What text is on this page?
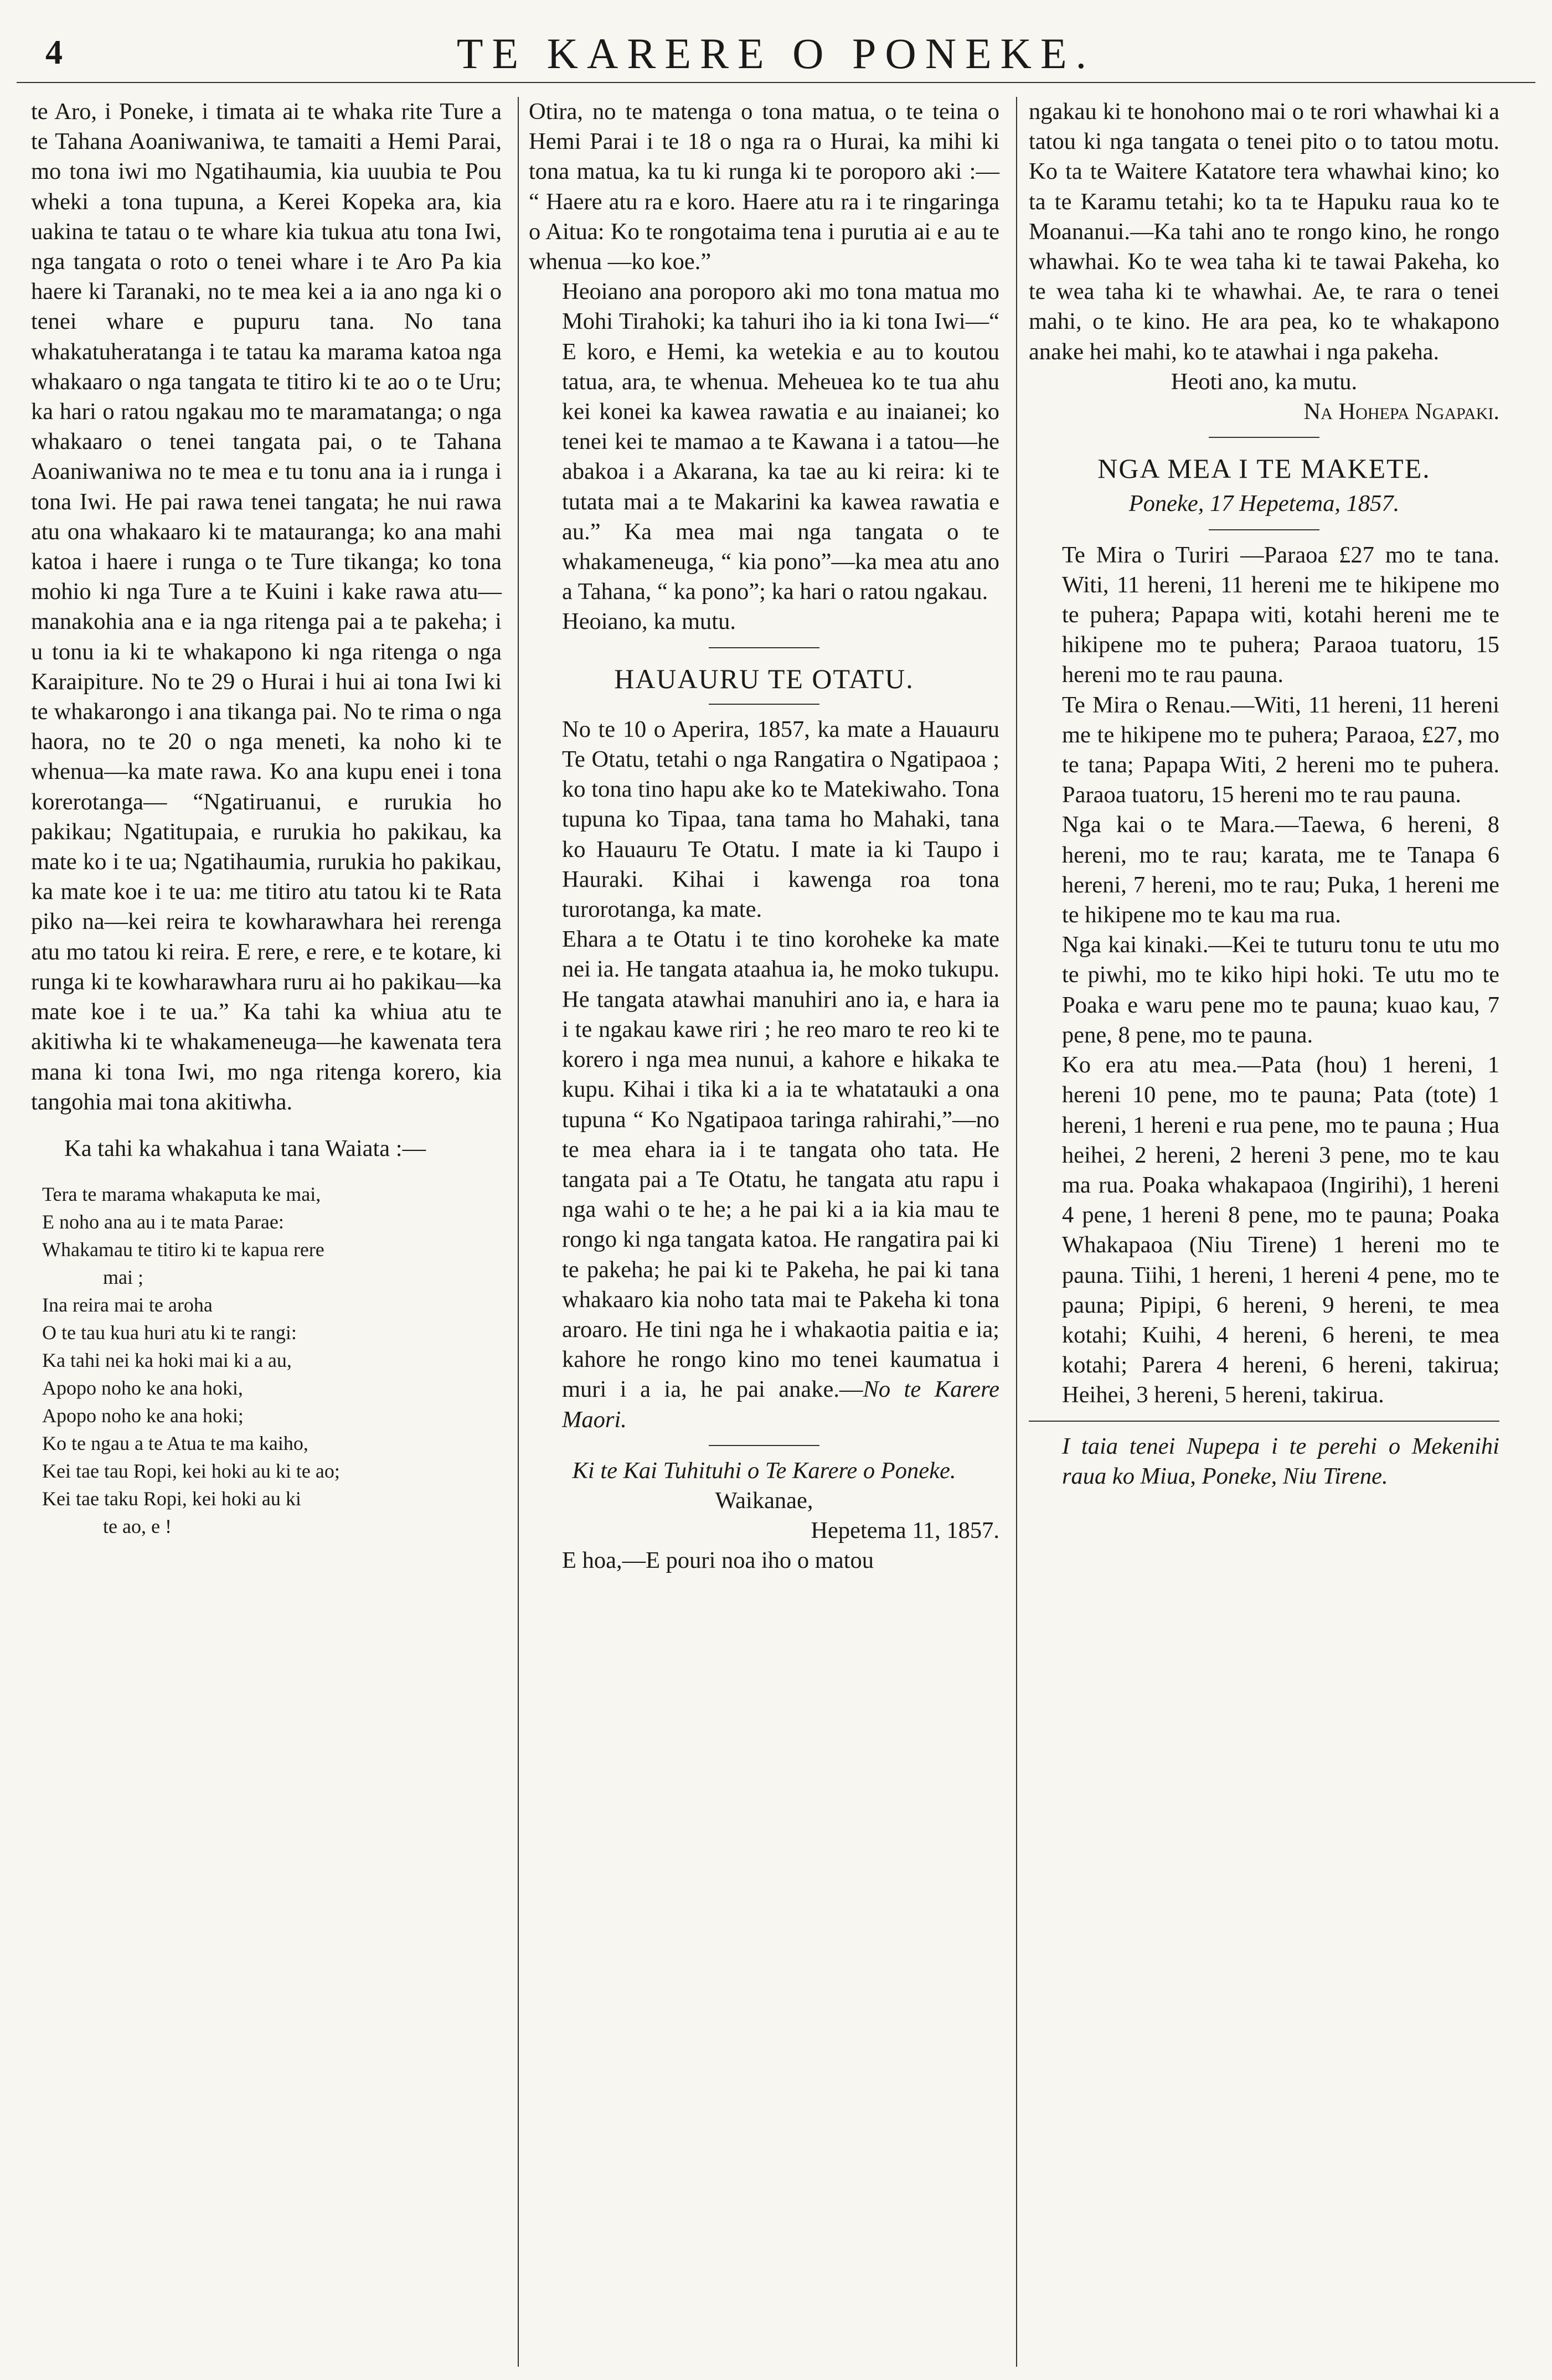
4	TE KARERE O PONEKE.

te Aro, i Poneke, i timata ai te whaka rite Ture a te Tahana Aoaniwaniwa, te tamaiti a Hemi Parai, mo tona iwi mo Ngatihaumia, kia uuubia te Pou wheki a tona tupuna, a Kerei Kopeka ara, kia uakina te tatau o te whare kia tukua atu tona Iwi, nga tangata o roto o tenei whare i te Aro Pa kia haere ki Taranaki, no te mea kei a ia ano nga ki o tenei whare e pupuru tana. No tana whakatuheratanga i te tatau ka marama katoa nga whakaaro o nga tangata te titiro ki te ao o te Uru; ka hari o ratou ngakau mo te maramatanga; o nga whakaaro o tenei tangata pai, o te Tahana Aoaniwaniwa no te mea e tu tonu ana ia i runga i tona Iwi. He pai rawa tenei tangata; he nui rawa atu ona whakaaro ki te matauranga; ko ana mahi katoa i haere i runga o te Ture tikanga; ko tona mohio ki nga Ture a te Kuini i kake rawa atu—manakohia ana e ia nga ritenga pai a te pakeha; i u tonu ia ki te whakapono ki nga ritenga o nga Karaipiture. No te 29 o Hurai i hui ai tona Iwi ki te whakarongo i ana tikanga pai. No te rima o nga haora, no te 20 o nga meneti, ka noho ki te whenua—ka mate rawa. Ko ana kupu enei i tona korerotanga— “Ngatiruanui, e rurukia ho pakikau; Ngatitupaia, e rurukia ho pakikau, ka mate ko i te ua; Ngatihaumia, rurukia ho pakikau, ka mate koe i te ua: me titiro atu tatou ki te Rata piko na—kei reira te kowharawhara hei rerenga atu mo tatou ki reira. E rere, e rere, e te kotare, ki runga ki te kowharawhara ruru ai ho pakikau—ka mate koe i te ua.” Ka tahi ka whiua atu te akitiwha ki te whakameneuga—he kawenata tera mana ki tona Iwi, mo nga ritenga korero, kia tangohia mai tona akitiwha.

Ka tahi ka whakahua i tana Waiata :—

Tera te marama whakaputa ke mai,
E noho ana au i te mata Parae:
Whakamau te titiro ki te kapua rere
mai ;
Ina reira mai te aroha
O te tau kua huri atu ki te rangi:
Ka tahi nei ka hoki mai ki a au,
Apopo noho ke ana hoki,
Apopo noho ke ana hoki;
Ko te ngau a te Atua te ma kaiho,
Kei tae tau Ropi, kei hoki au ki te ao;
Kei tae taku Ropi, kei hoki au ki
te ao, e !

Otira, no te matenga o tona matua, o te teina o Hemi Parai i te 18 o nga ra o Hurai, ka mihi ki tona matua, ka tu ki runga ki te poroporo aki :— “ Haere atu ra e koro. Haere atu ra i te ringaringa o Aitua: Ko te rongotaima tena i purutia ai e au te whenua —ko koe.”

Heoiano ana poroporo aki mo tona matua mo Mohi Tirahoki; ka tahuri iho ia ki tona Iwi—“ E koro, e Hemi, ka wetekia e au to koutou tatua, ara, te whenua. Meheuea ko te tua ahu kei konei ka kawea rawatia e au inaianei; ko tenei kei te mamao a te Kawana i a tatou—he abakoa i a Akarana, ka tae au ki reira: ki te tutata mai a te Makarini ka kawea rawatia e au.” Ka mea mai nga tangata o te whakameneuga, “ kia pono”—ka mea atu ano a Tahana, “ ka pono”; ka hari o ratou ngakau.

Heoiano, ka mutu.

HAUAURU TE OTATU.

No te 10 o Aperira, 1857, ka mate a Hauauru Te Otatu, tetahi o nga Rangatira o Ngatipaoa ; ko tona tino hapu ake ko te Matekiwaho. Tona tupuna ko Tipaa, tana tama ho Mahaki, tana ko Hauauru Te Otatu. I mate ia ki Taupo i Hauraki. Kihai i kawenga roa tona turorotanga, ka mate.

Ehara a te Otatu i te tino koroheke ka mate nei ia. He tangata ataahua ia, he moko tukupu. He tangata atawhai manuhiri ano ia, e hara ia i te ngakau kawe riri ; he reo maro te reo ki te korero i nga mea nunui, a kahore e hikaka te kupu. Kihai i tika ki a ia te whatatauki a ona tupuna “ Ko Ngatipaoa taringa rahirahi,”—no te mea ehara ia i te tangata oho tata. He tangata pai a Te Otatu, he tangata atu rapu i nga wahi o te he; a he pai ki a ia kia mau te rongo ki nga tangata katoa. He rangatira pai ki te pakeha; he pai ki te Pakeha, he pai ki tana whakaaro kia noho tata mai te Pakeha ki tona aroaro. He tini nga he i whakaotia paitia e ia; kahore he rongo kino mo tenei kaumatua i muri i a ia, he pai anake.—No te Karere Maori.

Ki te Kai Tuhituhi o Te Karere o Poneke.

Waikanae,

Hepetema 11, 1857.

E hoa,—E pouri noa iho o matou

ngakau ki te honohono mai o te rori whawhai ki a tatou ki nga tangata o tenei pito o to tatou motu. Ko ta te Waitere Katatore tera whawhai kino; ko ta te Karamu tetahi; ko ta te Hapuku raua ko te Moananui.—Ka tahi ano te rongo kino, he rongo whawhai. Ko te wea taha ki te tawai Pakeha, ko te wea taha ki te whawhai. Ae, te rara o tenei mahi, o te kino. He ara pea, ko te whakapono anake hei mahi, ko te atawhai i nga pakeha.

Heoti ano, ka mutu.

Na Hohepa Ngapaki.

NGA MEA I TE MAKETE.
Poneke, 17 Hepetema, 1857.

Te Mira o Turiri —Paraoa £27 mo te tana. Witi, 11 hereni, 11 hereni me te hikipene mo te puhera; Papapa witi, kotahi hereni me te hikipene mo te puhera; Paraoa tuatoru, 15 hereni mo te rau pauna.

Te Mira o Renau.—Witi, 11 hereni, 11 hereni me te hikipene mo te puhera; Paraoa, £27, mo te tana; Papapa Witi, 2 hereni mo te puhera. Paraoa tuatoru, 15 hereni mo te rau pauna.

Nga kai o te Mara.—Taewa, 6 hereni, 8 hereni, mo te rau; karata, me te Tanapa 6 hereni, 7 hereni, mo te rau; Puka, 1 hereni me te hikipene mo te kau ma rua.

Nga kai kinaki.—Kei te tuturu tonu te utu mo te piwhi, mo te kiko hipi hoki. Te utu mo te Poaka e waru pene mo te pauna; kuao kau, 7 pene, 8 pene, mo te pauna.

Ko era atu mea.—Pata (hou) 1 hereni, 1 hereni 10 pene, mo te pauna; Pata (tote) 1 hereni, 1 hereni e rua pene, mo te pauna ; Hua heihei, 2 hereni, 2 hereni 3 pene, mo te kau ma rua. Poaka whakapaoa (Ingirihi), 1 hereni 4 pene, 1 hereni 8 pene, mo te pauna; Poaka Whakapaoa (Niu Tirene) 1 hereni mo te pauna. Tiihi, 1 hereni, 1 hereni 4 pene, mo te pauna; Pipipi, 6 hereni, 9 hereni, te mea kotahi; Kuihi, 4 hereni, 6 hereni, te mea kotahi; Parera 4 hereni, 6 hereni, takirua; Heihei, 3 hereni, 5 hereni, takirua.

I taia tenei Nupepa i te perehi o Mekenihi raua ko Miua, Poneke, Niu Tirene.
